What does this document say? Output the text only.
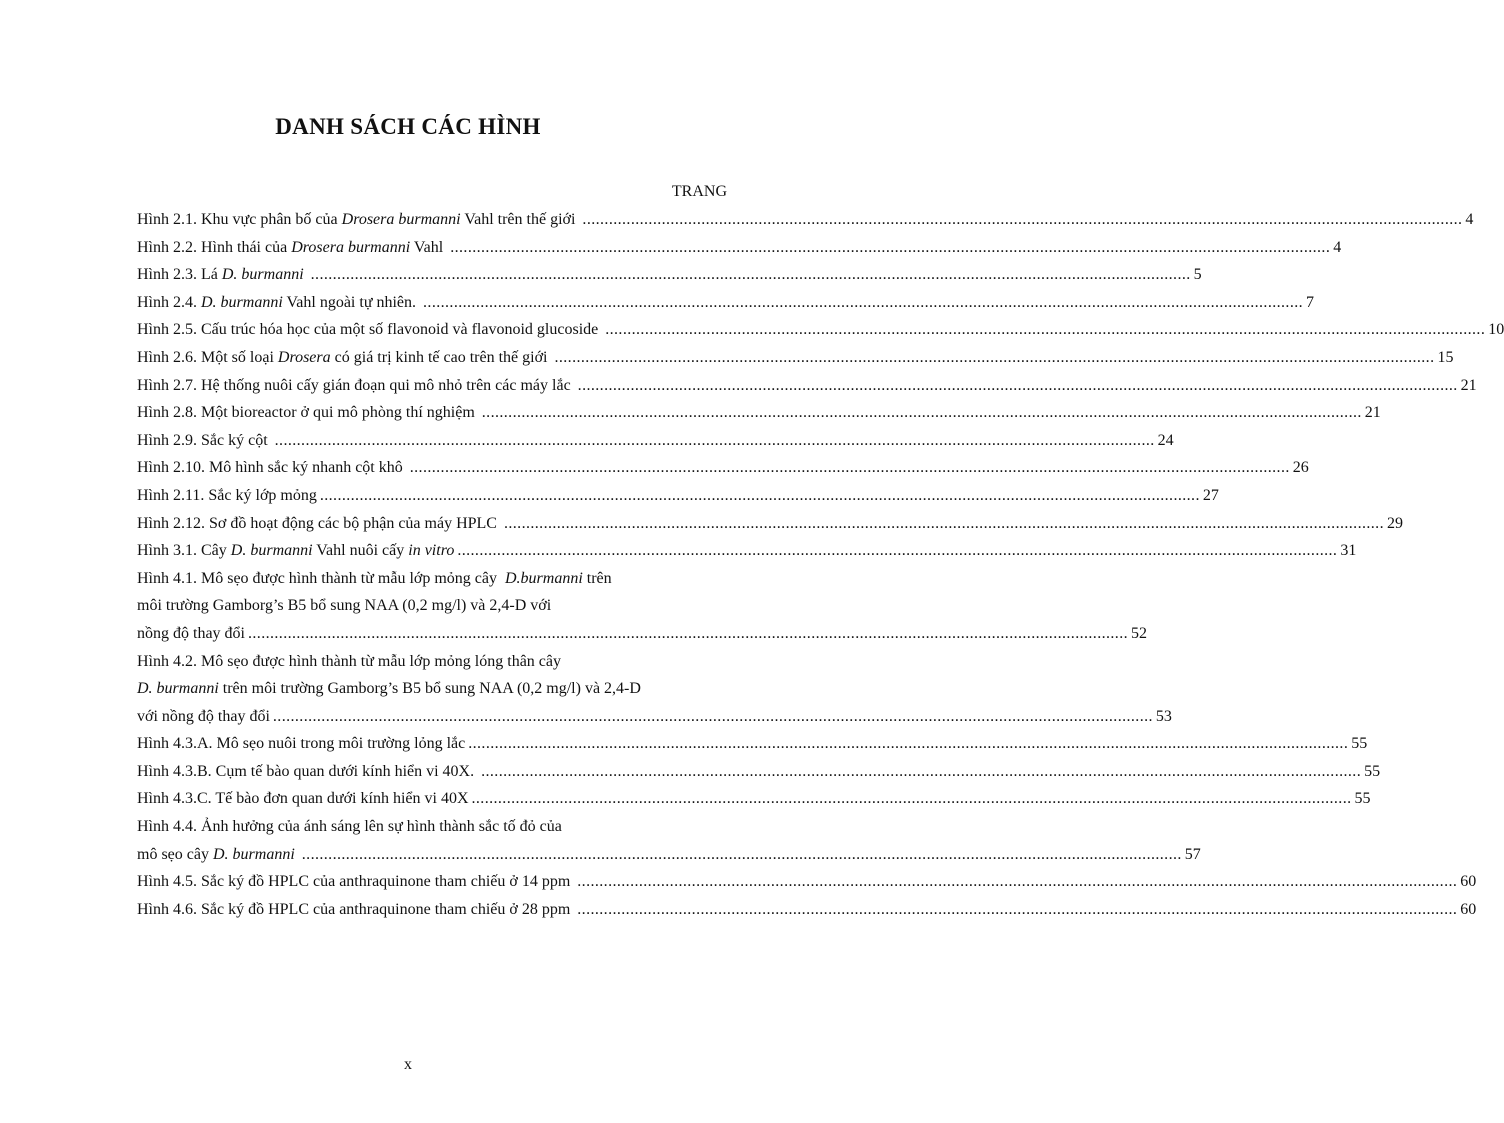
DANH SÁCH CÁC HÌNH
TRANG
Hình 2.1. Khu vực phân bố của Drosera burmanni Vahl trên thế giới .....	4
Hình 2.2. Hình thái của Drosera burmanni Vahl .....	4
Hình 2.3. Lá D. burmanni .....	5
Hình 2.4. D. burmanni Vahl ngoài tự nhiên. .....	7
Hình 2.5. Cấu trúc hóa học của một số flavonoid và flavonoid glucoside .....	10
Hình 2.6. Một số loại Drosera có giá trị kinh tế cao trên thế giới .....	15
Hình 2.7. Hệ thống nuôi cấy gián đoạn qui mô nhỏ trên các máy lắc .....	21
Hình 2.8. Một bioreactor ở qui mô phòng thí nghiệm .....	21
Hình 2.9. Sắc ký cột .....	24
Hình 2.10. Mô hình sắc ký nhanh cột khô .....	26
Hình 2.11. Sắc ký lớp mỏng .....	27
Hình 2.12. Sơ đồ hoạt động các bộ phận của máy HPLC .....	29
Hình 3.1. Cây D. burmanni Vahl nuôi cấy in vitro .....	31
Hình 4.1. Mô sẹo được hình thành từ mẫu lớp mỏng cây  D.burmanni trên
môi trường Gamborg’s B5 bổ sung NAA (0,2 mg/l) và 2,4-D với
nồng độ thay đổi .....	52
Hình 4.2. Mô sẹo được hình thành từ mẫu lớp mỏng lóng thân cây
D. burmanni trên môi trường Gamborg’s B5 bổ sung NAA (0,2 mg/l) và 2,4-D
với nồng độ thay đổi .....	53
Hình 4.3.A. Mô sẹo nuôi trong môi trường lỏng lắc .....	55
Hình 4.3.B. Cụm tế bào quan dưới kính hiển vi 40X. .....	55
Hình 4.3.C. Tế bào đơn quan dưới kính hiển vi 40X .....	55
Hình 4.4. Ảnh hưởng của ánh sáng lên sự hình thành sắc tố đỏ của
mô sẹo cây D. burmanni .....	57
Hình 4.5. Sắc ký đồ HPLC của anthraquinone tham chiếu ở 14 ppm .....	60
Hình 4.6. Sắc ký đồ HPLC của anthraquinone tham chiếu ở 28 ppm .....	60
x
